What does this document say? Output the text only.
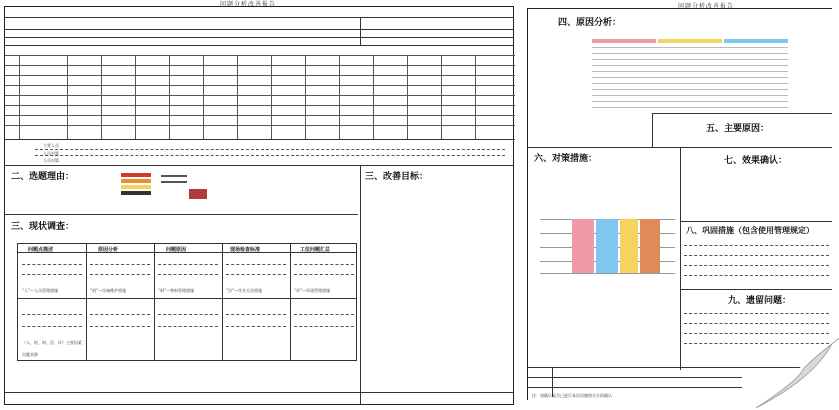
问题分析改善报告
主要人员
人员对策
人员对策
二、选题理由：	三、改善目标：
三、现状调查：
问题点描述	原因分析	问题原因	现场检查标准	工位问题汇总
“人”—人员管理措施	“机”—设备维护措施	“料”—物料管理措施	“法”—作业方法措施	“环”—环境管理措施
（人、机、料、法、环）主要因素 ：
问题来源
问题分析改善报告
四、原因分析：
五、主要原因：
六、对策措施：	七、效果确认：
八、巩固措施（包含使用管理规定）
九、遗留问题：
注：请确认是否已进行本次问题相关方的确认
